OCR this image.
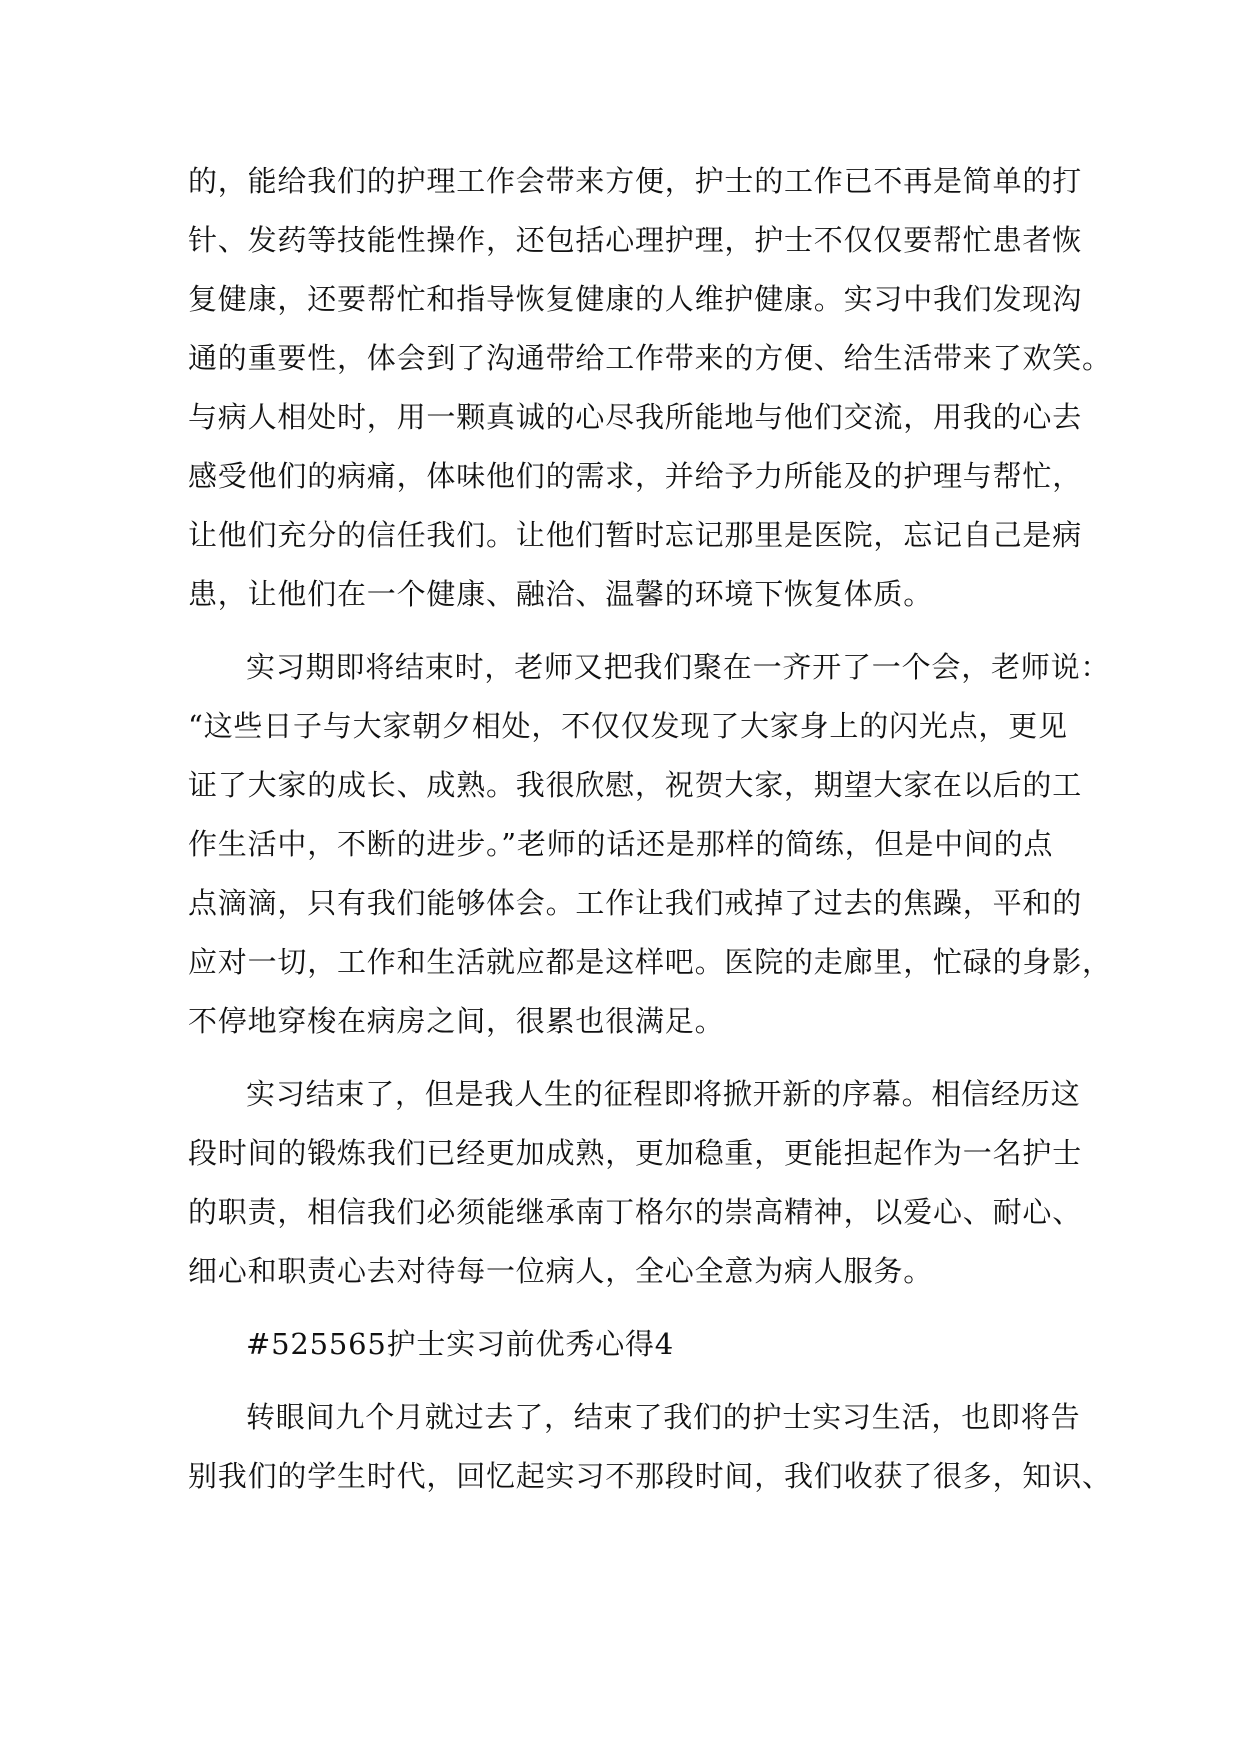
的，能给我们的护理工作会带来方便，护士的工作已不再是简单的打
针、发药等技能性操作，还包括心理护理，护士不仅仅要帮忙患者恢
复健康，还要帮忙和指导恢复健康的人维护健康。实习中我们发现沟
通的重要性，体会到了沟通带给工作带来的方便、给生活带来了欢笑。
与病人相处时，用一颗真诚的心尽我所能地与他们交流，用我的心去
感受他们的病痛，体味他们的需求，并给予力所能及的护理与帮忙，
让他们充分的信任我们。让他们暂时忘记那里是医院，忘记自己是病
患，让他们在一个健康、融洽、温馨的环境下恢复体质。
实习期即将结束时，老师又把我们聚在一齐开了一个会，老师说：
“这些日子与大家朝夕相处，不仅仅发现了大家身上的闪光点，更见
证了大家的成长、成熟。我很欣慰，祝贺大家，期望大家在以后的工
作生活中，不断的进步。”老师的话还是那样的简练，但是中间的点
点滴滴，只有我们能够体会。工作让我们戒掉了过去的焦躁，平和的
应对一切，工作和生活就应都是这样吧。医院的走廊里，忙碌的身影，
不停地穿梭在病房之间，很累也很满足。
实习结束了，但是我人生的征程即将掀开新的序幕。相信经历这
段时间的锻炼我们已经更加成熟，更加稳重，更能担起作为一名护士
的职责，相信我们必须能继承南丁格尔的崇高精神，以爱心、耐心、
细心和职责心去对待每一位病人，全心全意为病人服务。
#525565护士实习前优秀心得4
转眼间九个月就过去了，结束了我们的护士实习生活，也即将告
别我们的学生时代，回忆起实习不那段时间，我们收获了很多，知识、
